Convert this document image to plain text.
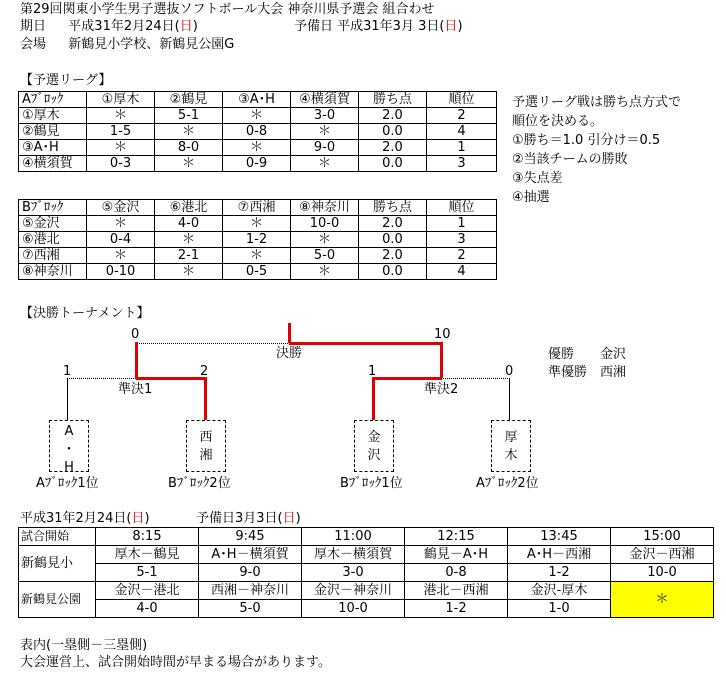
第29回関東小学生男子選抜ソフトボール大会 神奈川県予選会 組合わせ
期日 平成31年2月24日(日)	予備日 平成31年3月 3日(日)
会場 新鶴見小学校、新鶴見公園G
【予選リーグ】
Aﾌﾞﾛｯｸ	①厚木	②鶴見	③A･H	④横須賀	勝ち点	順位
①厚木	＊	5-1	＊	3-0	2.0	2
②鶴見	1-5	＊	0-8	＊	0.0	4
③A･H	＊	8-0	＊	9-0	2.0	1
④横須賀	0-3	＊	0-9	＊	0.0	3
Bﾌﾞﾛｯｸ	⑤金沢	⑥港北	⑦西湘	⑧神奈川	勝ち点	順位
⑤金沢	＊	4-0	＊	10-0	2.0	1
⑥港北	0-4	＊	1-2	＊	0.0	3
⑦西湘	＊	2-1	＊	5-0	2.0	2
⑧神奈川	0-10	＊	0-5	＊	0.0	4
予選リーグ戦は勝ち点方式で
順位を決める。
①勝ち＝1.0 引分け＝0.5
②当該チームの勝敗
③失点差
④抽選
【決勝トーナメント】
0	10
決勝
1	2
準決1
1	0
準決2
A
・
H
西
湘
金
沢
厚
木
Aﾌﾞﾛｯｸ1位	Bﾌﾞﾛｯｸ2位	Bﾌﾞﾛｯｸ1位	Aﾌﾞﾛｯｸ2位
優勝 金沢
準優勝 西湘
平成31年2月24日(日)	予備日3月3日(日)
試合開始	8:15	9:45	11:00	12:15	13:45	15:00
新鶴見小	厚木－鶴見	A･H－横須賀	厚木－横須賀	鶴見－A･H	A･H－西湘	金沢－西湘
	5-1	9-0	3-0	0-8	1-2	10-0
新鶴見公園	金沢－港北	西湘－神奈川	金沢－神奈川	港北－西湘	金沢-厚木	＊
	4-0	5-0	10-0	1-2	1-0	
表内(一塁側－三塁側)
大会運営上、試合開始時間が早まる場合があります。
